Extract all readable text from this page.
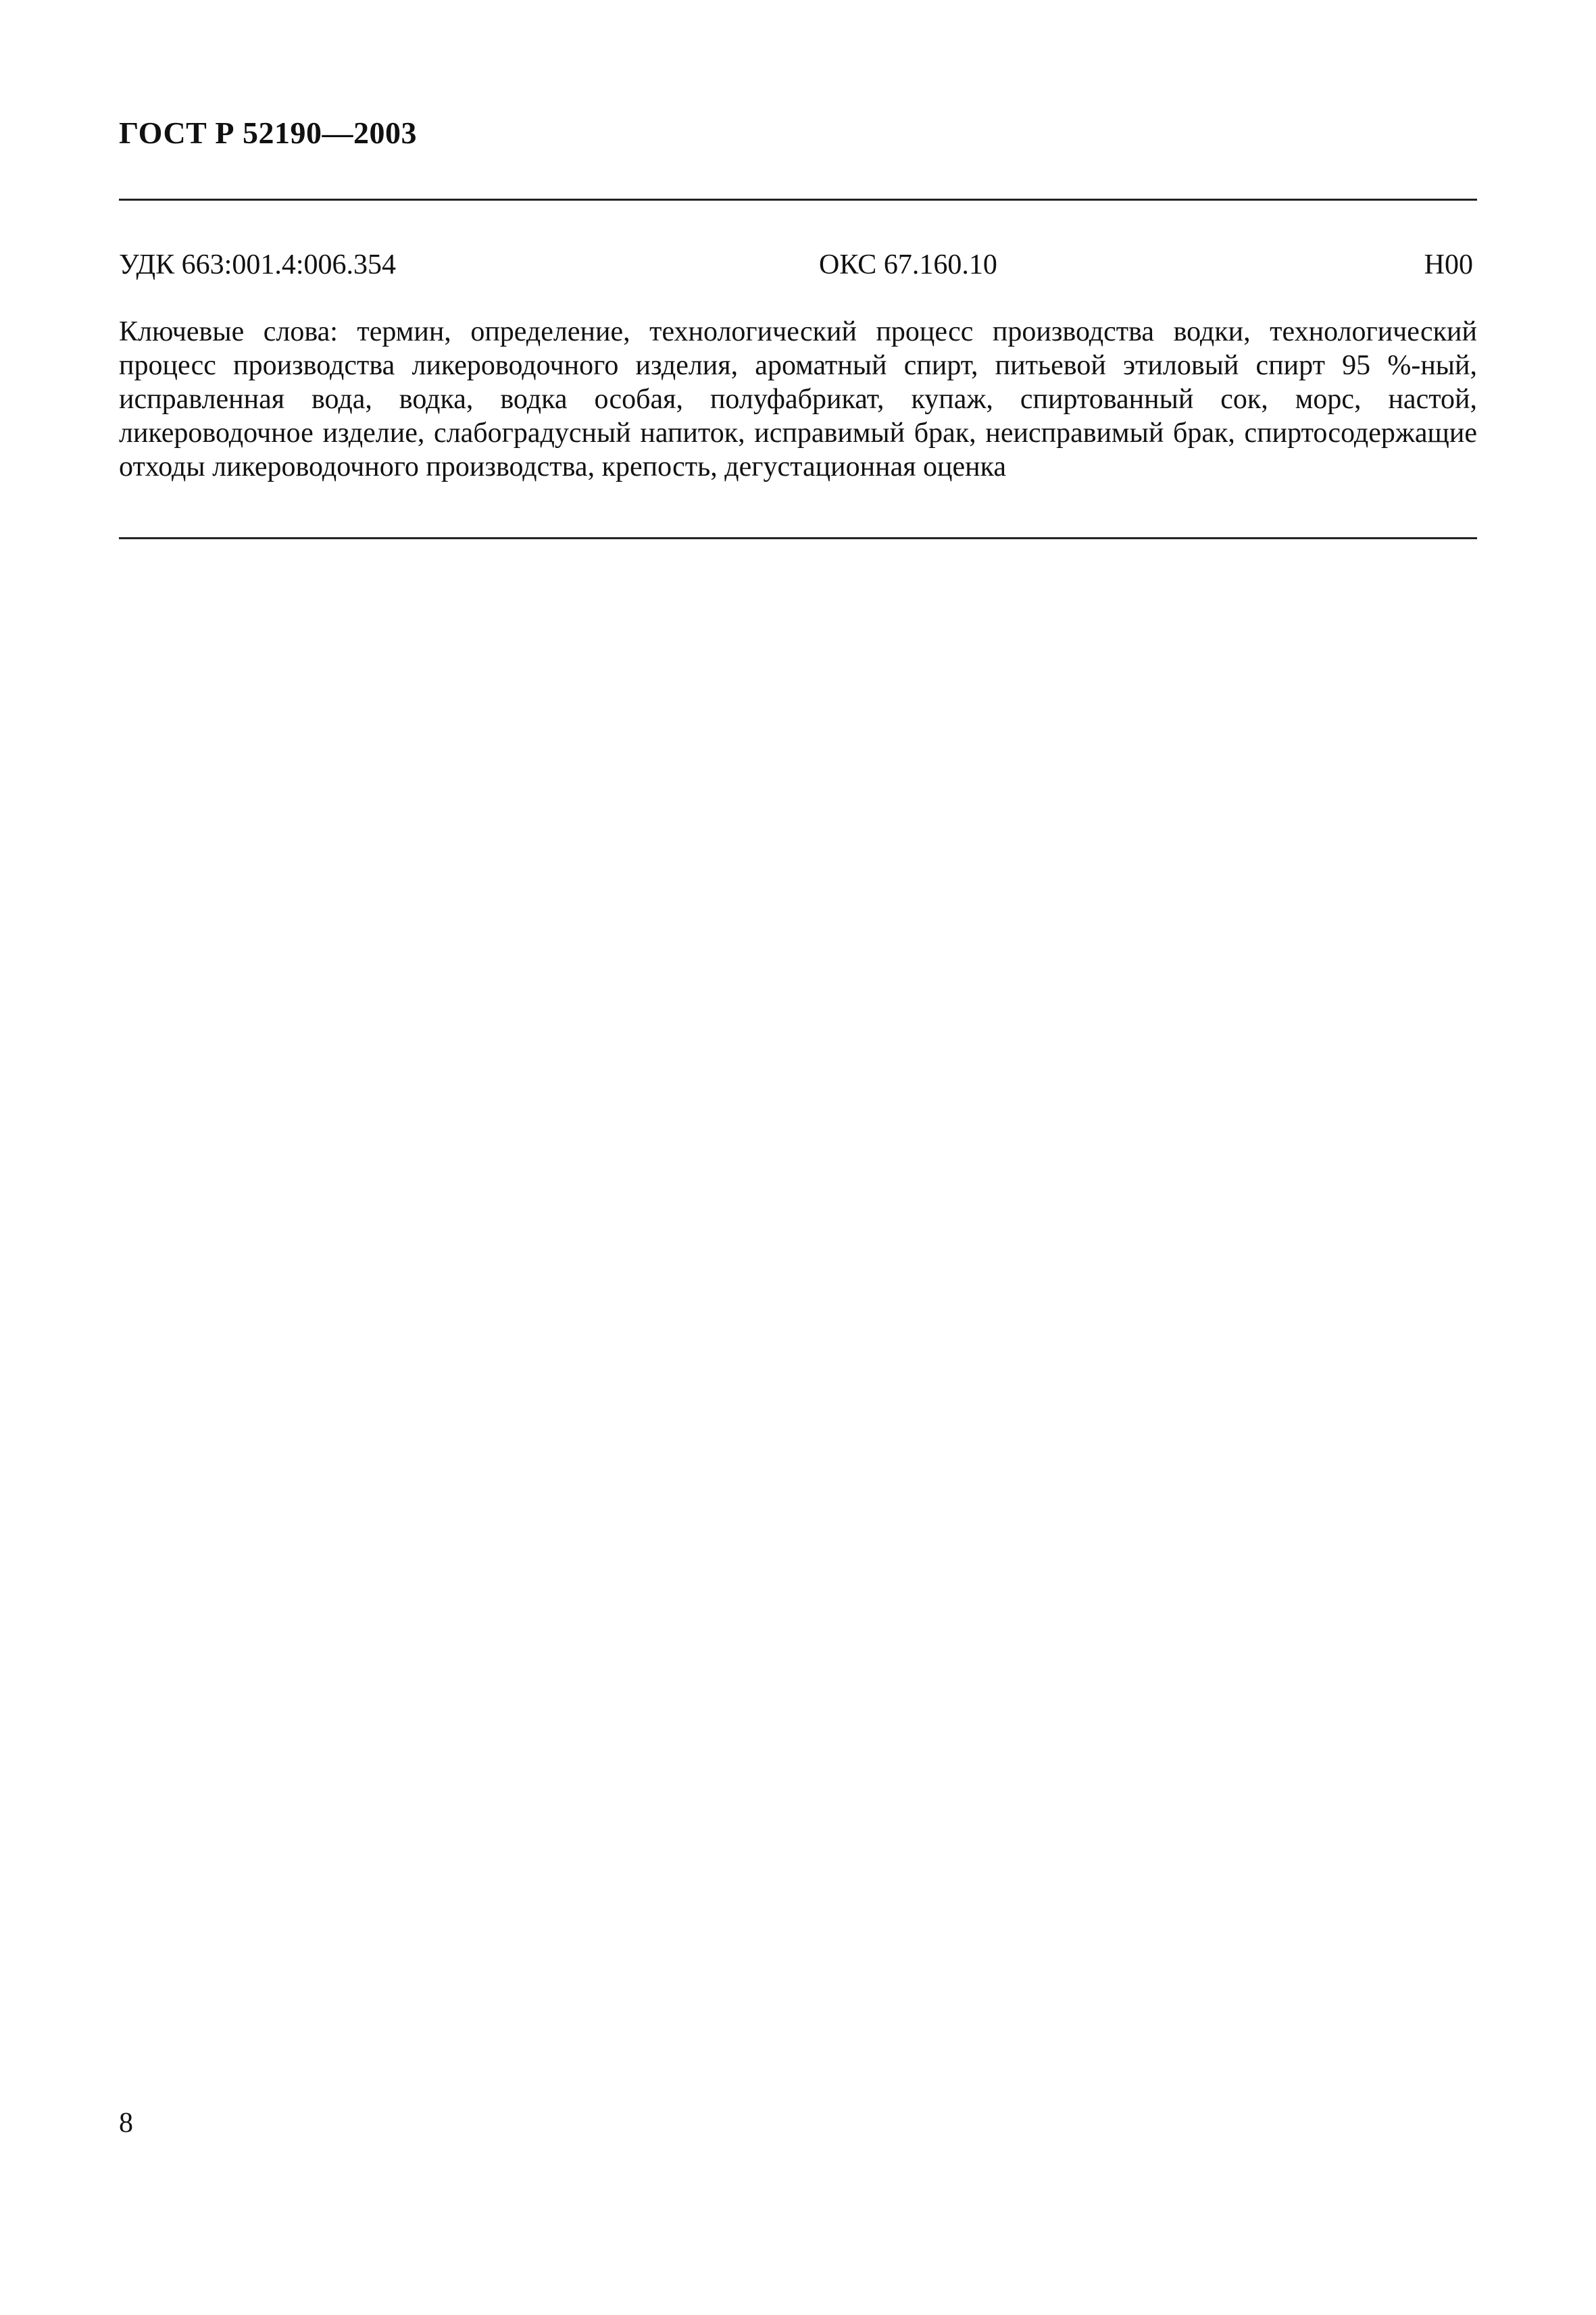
ГОСТ Р 52190—2003
УДК 663:001.4:006.354	ОКС 67.160.10	Н00
Ключевые слова: термин, определение, технологический процесс производства водки, технологический процесс производства ликероводочного изделия, ароматный спирт, питьевой этиловый спирт 95 %-ный, исправленная вода, водка, водка особая, полуфабрикат, купаж, спиртованный сок, морс, настой, ликероводочное изделие, слабоградусный напиток, исправимый брак, неисправимый брак, спиртосодержащие отходы ликероводочного производства, крепость, дегустационная оценка
8
